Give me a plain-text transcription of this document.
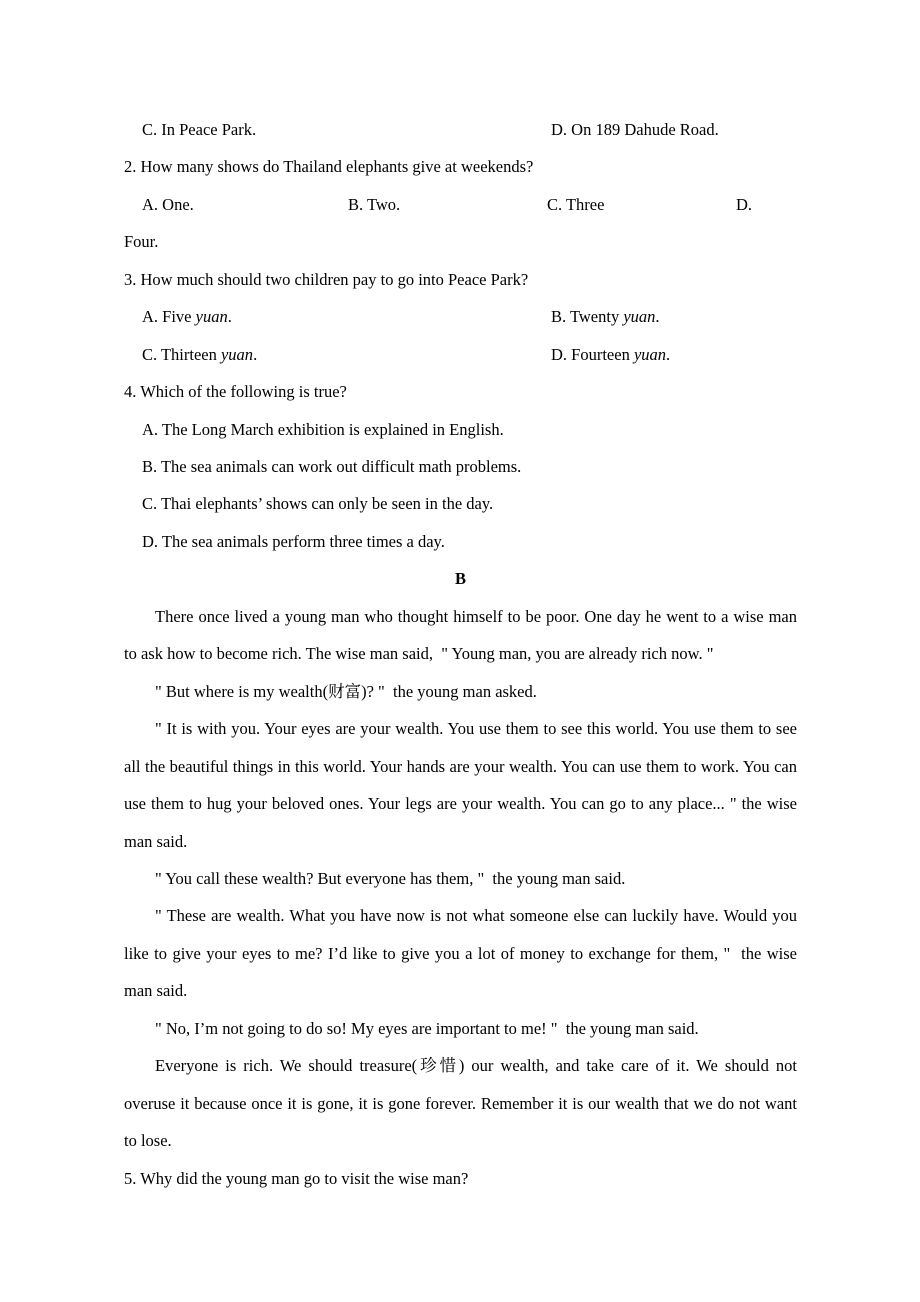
C. In Peace Park.	D. On 189 Dahude Road.
2. How many shows do Thailand elephants give at weekends?
A. One.	B. Two.	C. Three	D.
Four.
3. How much should two children pay to go into Peace Park?
A. Five yuan.	B. Twenty yuan.
C. Thirteen yuan.	D. Fourteen yuan.
4. Which of the following is true?
A. The Long March exhibition is explained in English.
B. The sea animals can work out difficult math problems.
C. Thai elephants’ shows can only be seen in the day.
D. The sea animals perform three times a day.
B

There once lived a young man who thought himself to be poor. One day he went to a wise man to ask how to become rich. The wise man said,  " Young man, you are already rich now. "

" But where is my wealth(财富)? "  the young man asked.

" It is with you. Your eyes are your wealth. You use them to see this world. You use them to see all the beautiful things in this world. Your hands are your wealth. You can use them to work. You can use them to hug your beloved ones. Your legs are your wealth. You can go to any place... " the wise man said.

" You call these wealth? But everyone has them, "  the young man said.

" These are wealth. What you have now is not what someone else can luckily have. Would you like to give your eyes to me? I’d like to give you a lot of money to exchange for them, "  the wise man said.

" No, I’m not going to do so! My eyes are important to me! "  the young man said.

Everyone is rich. We should treasure(珍惜) our wealth, and take care of it. We should not overuse it because once it is gone, it is gone forever. Remember it is our wealth that we do not want to lose.

5. Why did the young man go to visit the wise man?
